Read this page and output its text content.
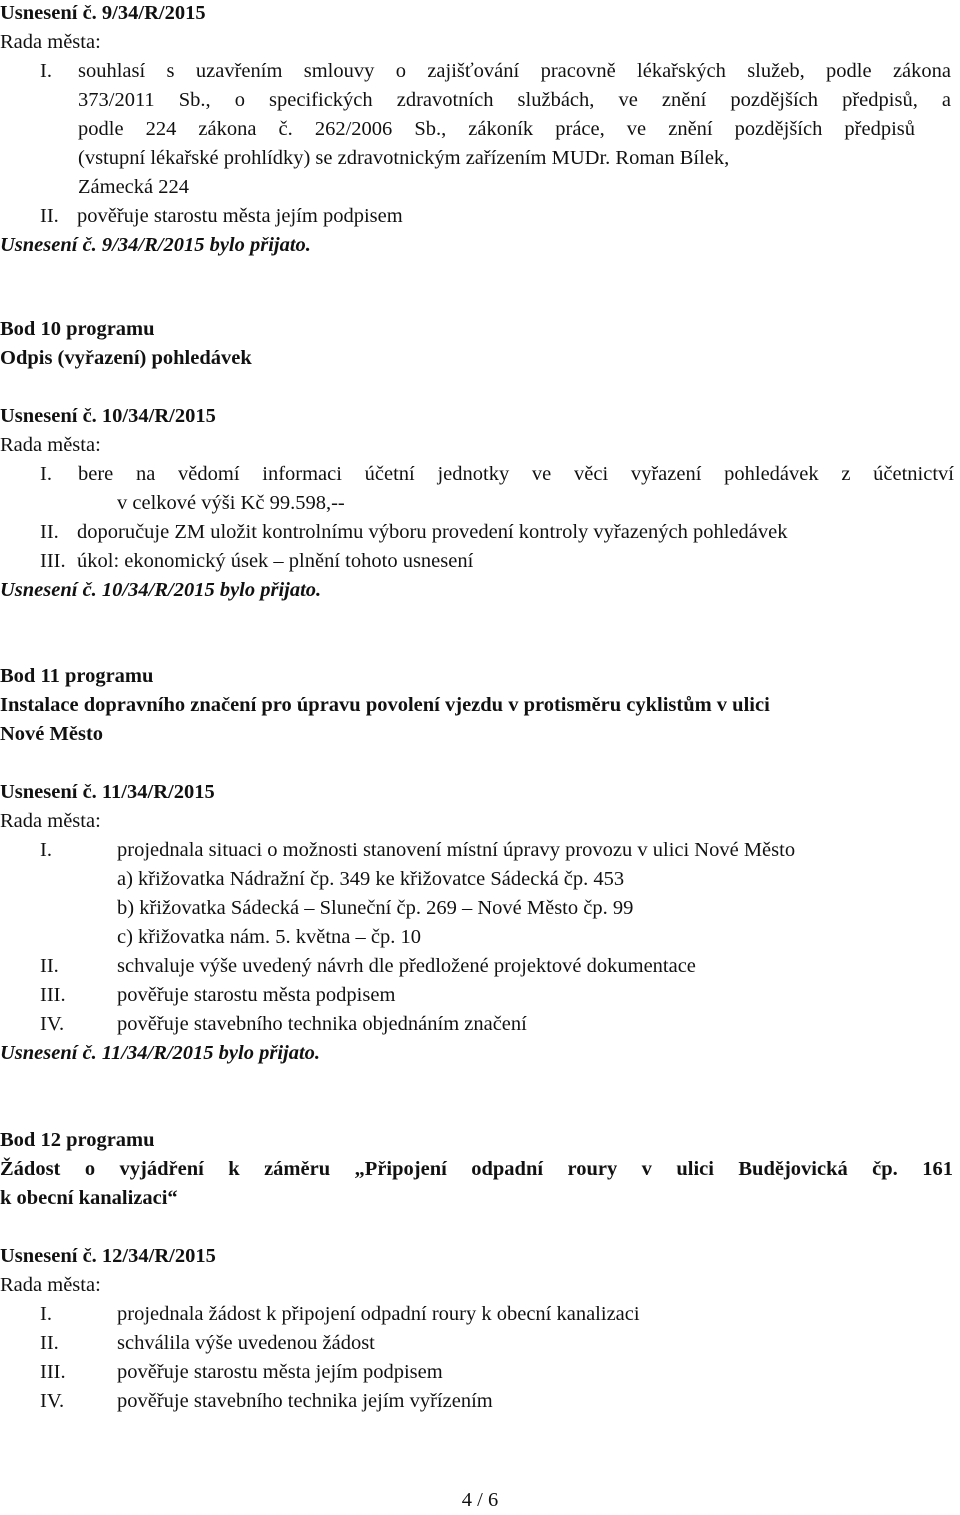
Usnesení č. 9/34/R/2015
Rada města:
I. souhlasí s uzavřením smlouvy o zajišťování pracovně lékařských služeb, podle zákona
373/2011 Sb., o specifických zdravotních službách, ve znění pozdějších předpisů, a
podle 224 zákona č. 262/2006 Sb., zákoník práce, ve znění pozdějších předpisů
(vstupní lékařské prohlídky) se zdravotnickým zařízením MUDr. Roman Bílek,
Zámecká 224
II. pověřuje starostu města jejím podpisem
Usnesení č. 9/34/R/2015 bylo přijato.
Bod 10 programu
Odpis (vyřazení) pohledávek
Usnesení č. 10/34/R/2015
Rada města:
I. bere na vědomí informaci účetní jednotky ve věci vyřazení pohledávek z účetnictví
v celkové výši Kč 99.598,--
II. doporučuje ZM uložit kontrolnímu výboru provedení kontroly vyřazených pohledávek
III. úkol: ekonomický úsek – plnění tohoto usnesení
Usnesení č. 10/34/R/2015 bylo přijato.
Bod 11 programu
Instalace dopravního značení pro úpravu povolení vjezdu v protisměru cyklistům v ulici
Nové Město
Usnesení č. 11/34/R/2015
Rada města:
I.	projednala situaci o možnosti stanovení místní úpravy provozu v ulici Nové Město
a) křižovatka Nádražní čp. 349 ke křižovatce Sádecká čp. 453
b) křižovatka Sádecká – Sluneční čp. 269 – Nové Město čp. 99
c) křižovatka nám. 5. května – čp. 10
II.	schvaluje výše uvedený návrh dle předložené projektové dokumentace
III.	pověřuje starostu města podpisem
IV.	pověřuje stavebního technika objednáním značení
Usnesení č. 11/34/R/2015 bylo přijato.
Bod 12 programu
Žádost o vyjádření k záměru „Připojení odpadní roury v ulici Budějovická čp. 161
k obecní kanalizaci“
Usnesení č. 12/34/R/2015
Rada města:
I.	projednala žádost k připojení odpadní roury k obecní kanalizaci
II.	schválila výše uvedenou žádost
III.	pověřuje starostu města jejím podpisem
IV.	pověřuje stavebního technika jejím vyřízením
4 / 6
